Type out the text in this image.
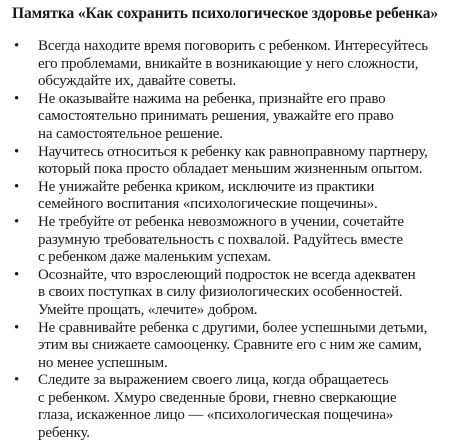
Памятка «Как сохранить психологическое здоровье ребенка»
• Всегда находите время поговорить с ребенком. Интересуйтесь
его проблемами, вникайте в возникающие у него сложности,
обсуждайте их, давайте советы.
• Не оказывайте нажима на ребенка, признайте его право
самостоятельно принимать решения, уважайте его право
на самостоятельное решение.
• Научитесь относиться к ребенку как равноправному партнеру,
который пока просто обладает меньшим жизненным опытом.
• Не унижайте ребенка криком, исключите из практики
семейного воспитания «психологические пощечины».
• Не требуйте от ребенка невозможного в учении, сочетайте
разумную требовательность с похвалой. Радуйтесь вместе
с ребенком даже маленьким успехам.
• Осознайте, что взрослеющий подросток не всегда адекватен
в своих поступках в силу физиологических особенностей.
Умейте прощать, «лечите» добром.
• Не сравнивайте ребенка с другими, более успешными детьми,
этим вы снижаете самооценку. Сравните его с ним же самим,
но менее успешным.
• Следите за выражением своего лица, когда обращаетесь
с ребенком. Хмуро сведенные брови, гневно сверкающие
глаза, искаженное лицо — «психологическая пощечина»
ребенку.
